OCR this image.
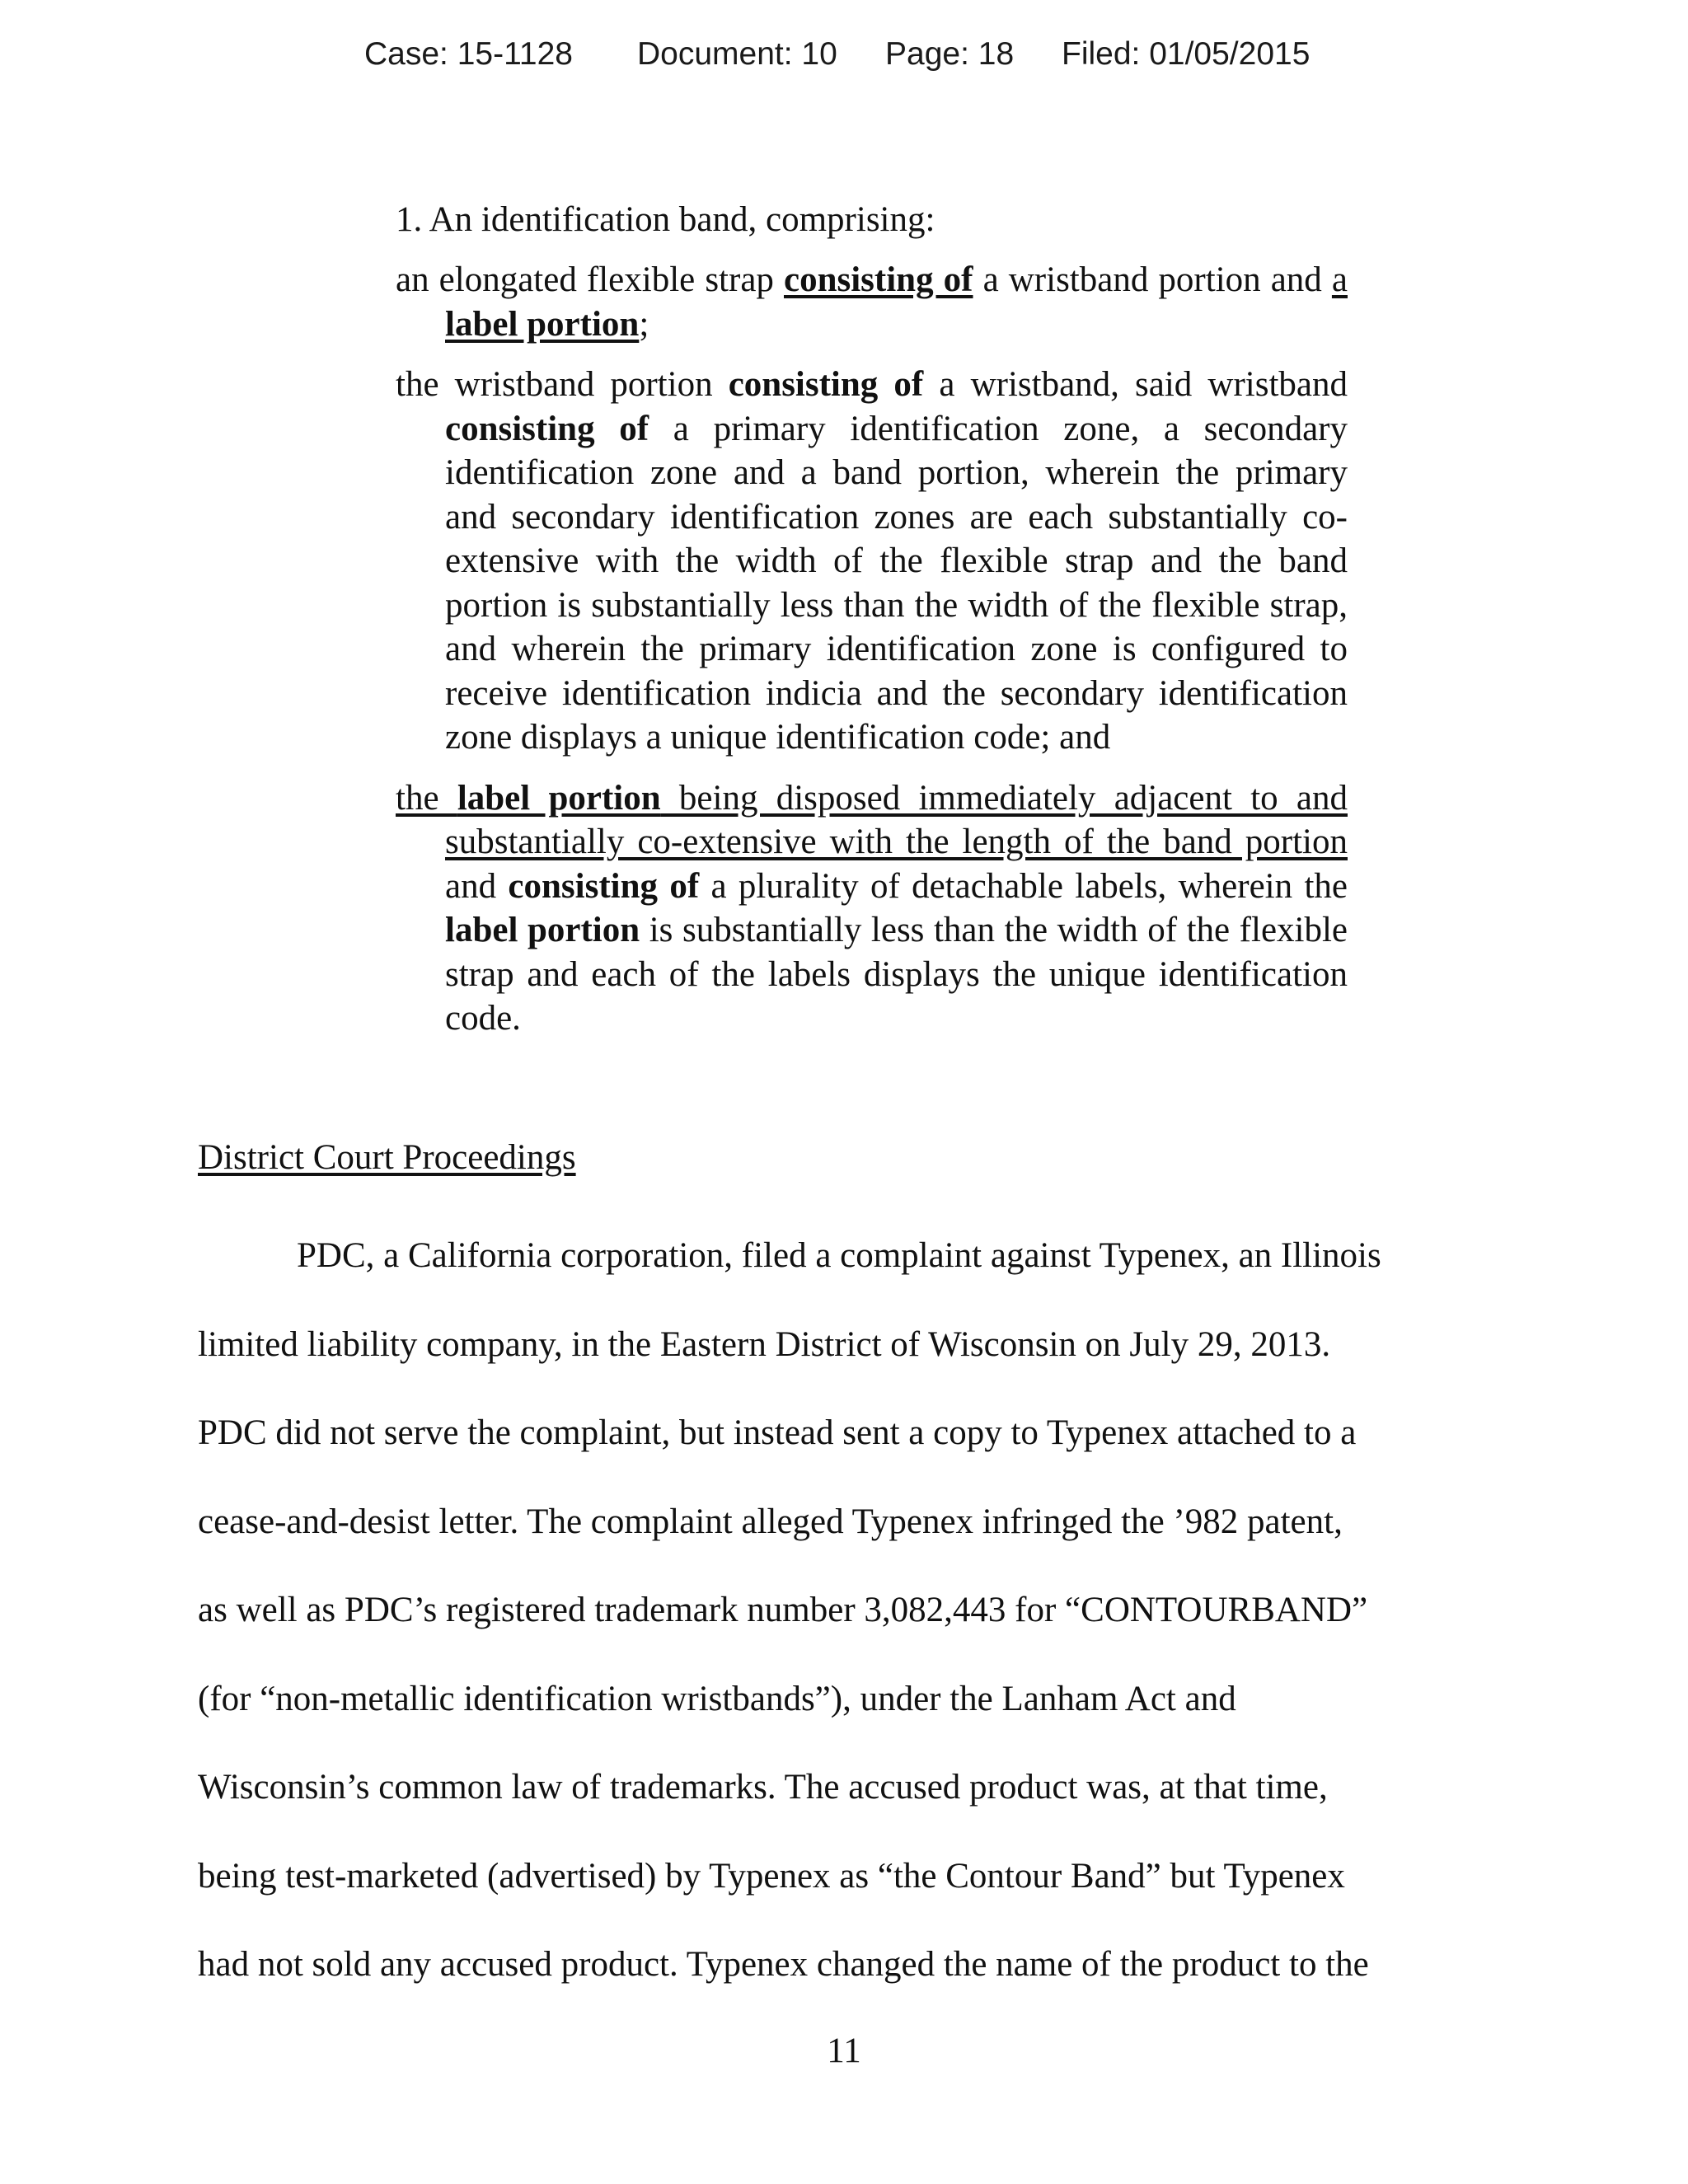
Case: 15-1128 Document: 10 Page: 18 Filed: 01/05/2015
1. An identification band, comprising:

an elongated flexible strap consisting of a wristband portion and a label portion;

the wristband portion consisting of a wristband, said wristband consisting of a primary identification zone, a secondary identification zone and a band portion, wherein the primary and secondary identification zones are each substantially co-extensive with the width of the flexible strap and the band portion is substantially less than the width of the flexible strap, and wherein the primary identification zone is configured to receive identification indicia and the secondary identification zone displays a unique identification code; and

the label portion being disposed immediately adjacent to and substantially co-extensive with the length of the band portion and consisting of a plurality of detachable labels, wherein the label portion is substantially less than the width of the flexible strap and each of the labels displays the unique identification code.

District Court Proceedings

PDC, a California corporation, filed a complaint against Typenex, an Illinois

limited liability company, in the Eastern District of Wisconsin on July 29, 2013.

PDC did not serve the complaint, but instead sent a copy to Typenex attached to a

cease-and-desist letter. The complaint alleged Typenex infringed the ’982 patent,

as well as PDC’s registered trademark number 3,082,443 for “CONTOURBAND”

(for “non-metallic identification wristbands”), under the Lanham Act and

Wisconsin’s common law of trademarks. The accused product was, at that time,

being test-marketed (advertised) by Typenex as “the Contour Band” but Typenex

had not sold any accused product. Typenex changed the name of the product to the

11
